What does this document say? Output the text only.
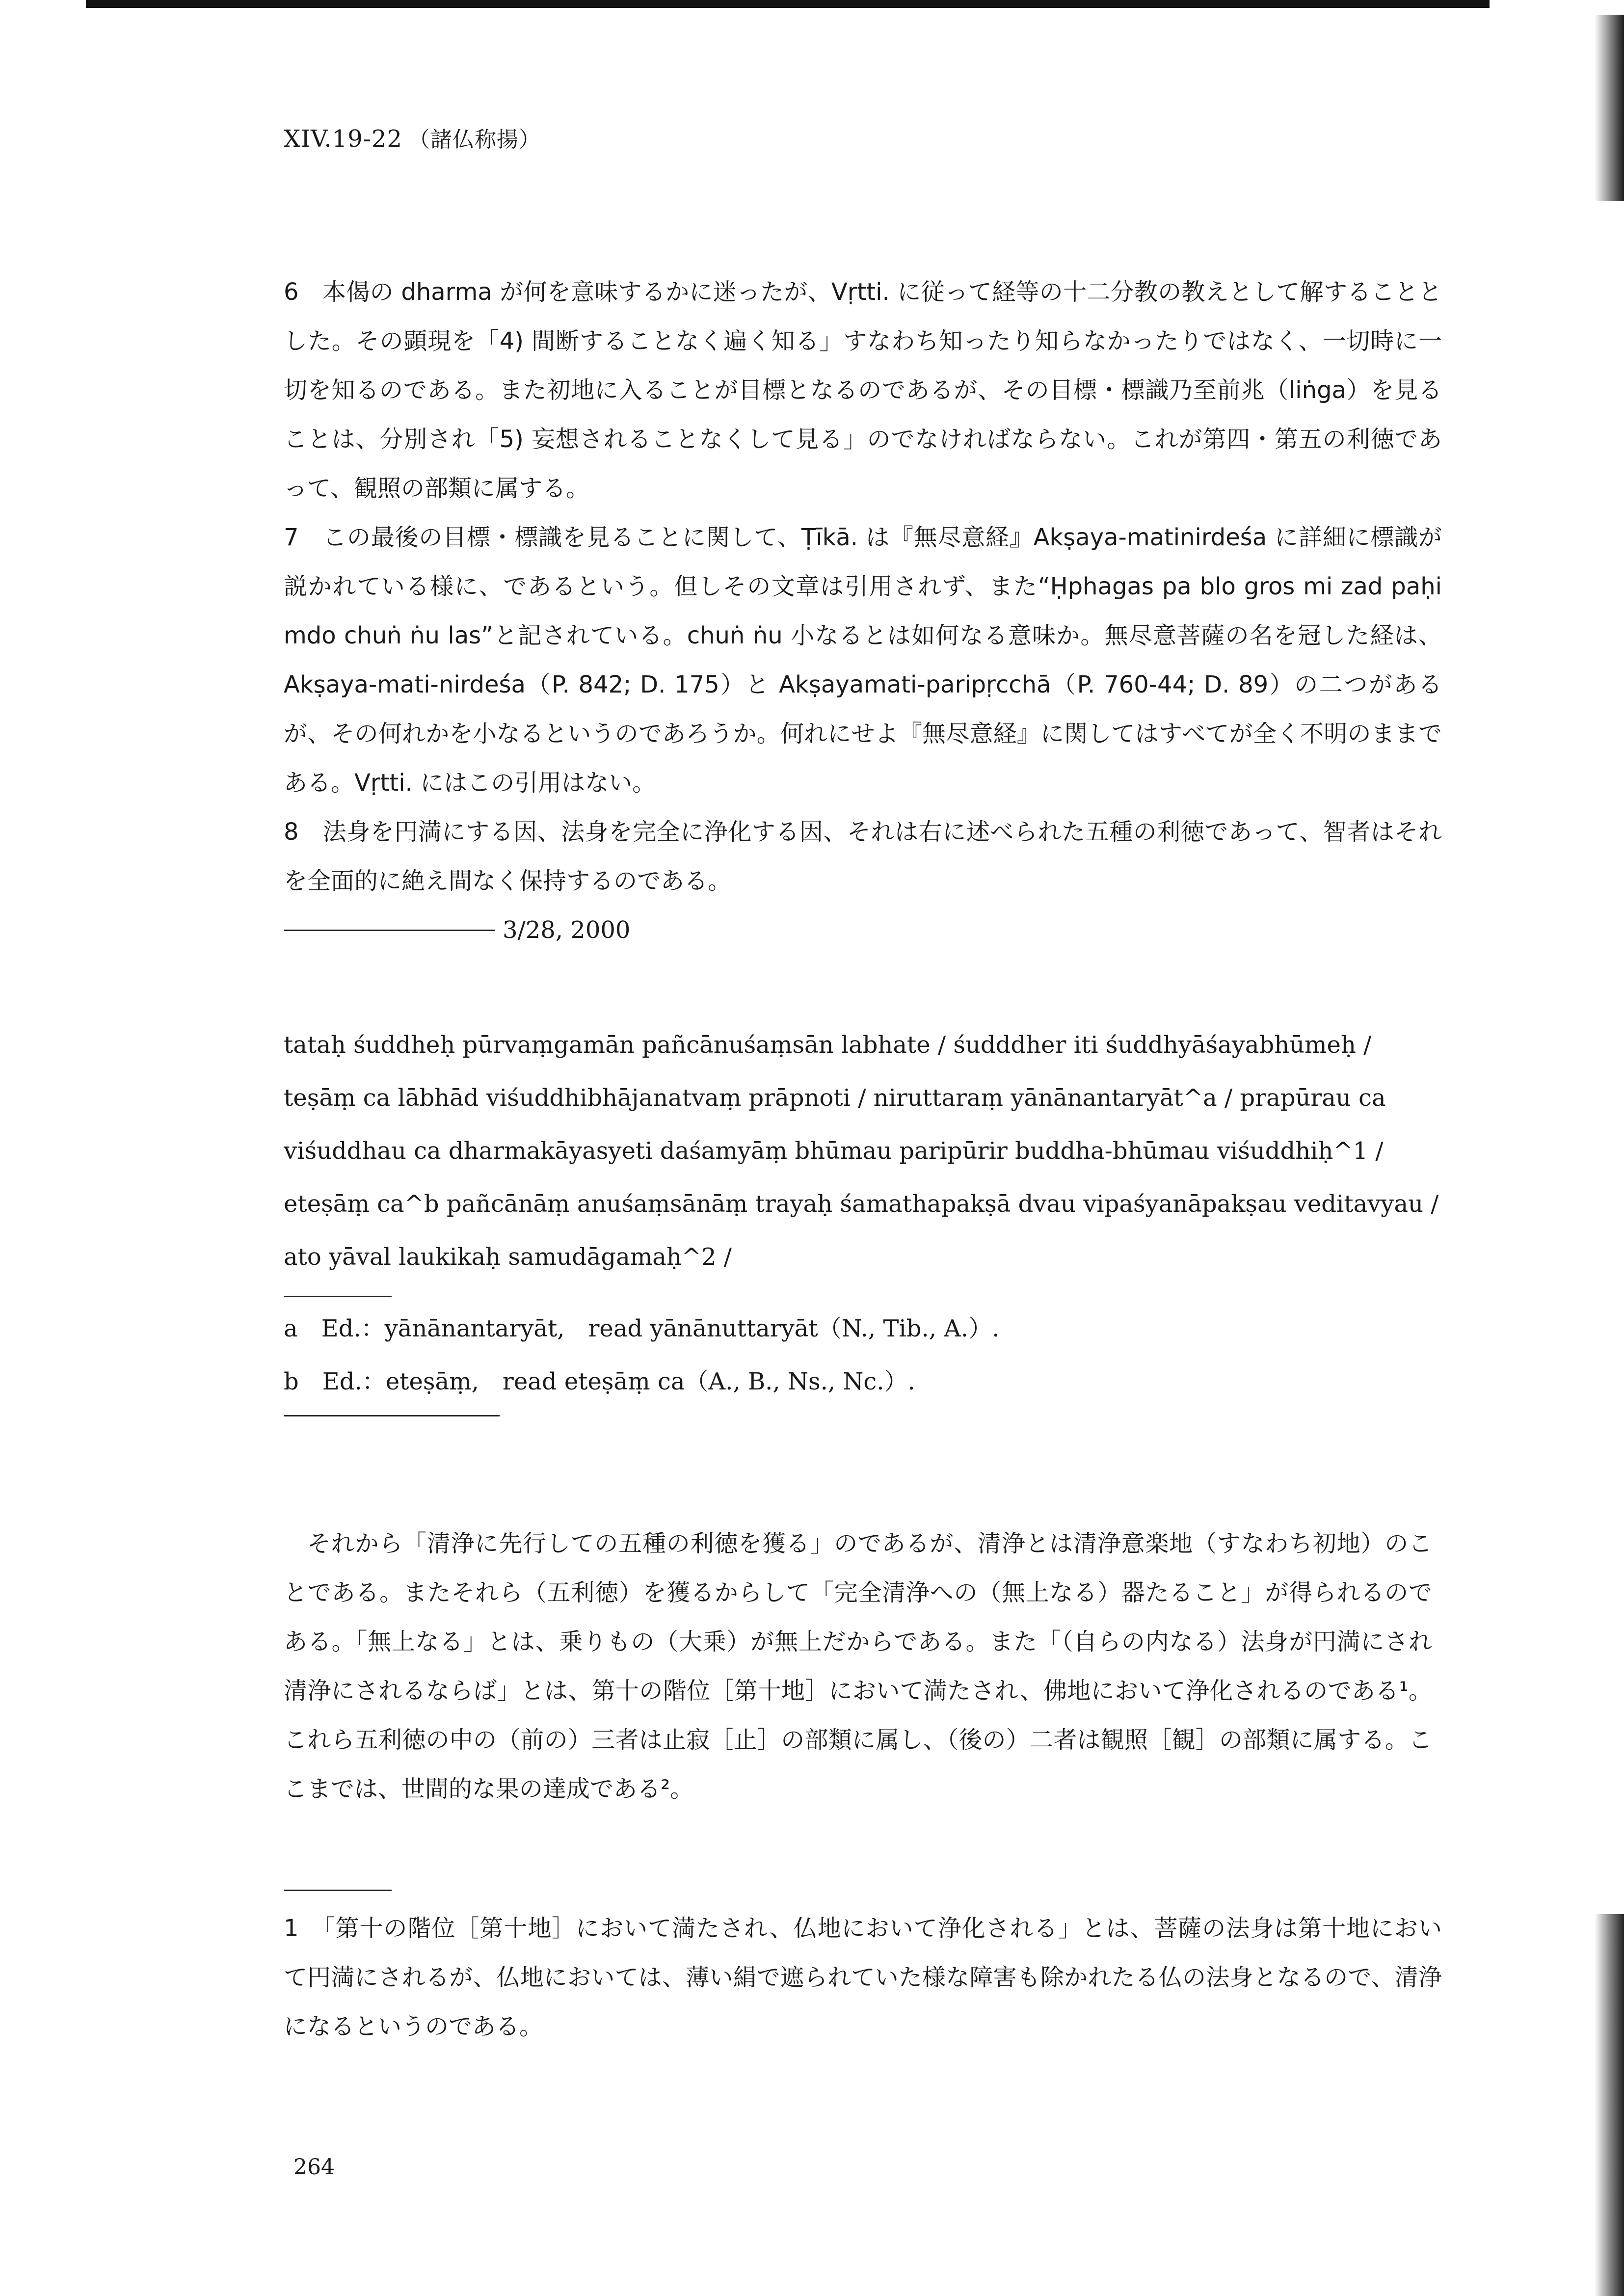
XIV.19-22 （諸仏称揚）

6　本偈の dharma が何を意味するかに迷ったが、Vṛtti. に従って経等の十二分教の教えとして解することとした。その顕現を「4) 間断することなく遍く知る」すなわち知ったり知らなかったりではなく、一切時に一切を知るのである。また初地に入ることが目標となるのであるが、その目標・標識乃至前兆（liṅga）を見ることは、分別され「5) 妄想されることなくして見る」のでなければならない。これが第四・第五の利徳であって、観照の部類に属する。

7　この最後の目標・標識を見ることに関して、Ṭīkā. は『無尽意経』Akṣaya-matinirdeśa に詳細に標識が説かれている様に、であるという。但しその文章は引用されず、また“Ḥphagas pa blo gros mi zad paḥi mdo chuṅ ṅu las”と記されている。chuṅ ṅu 小なるとは如何なる意味か。無尽意菩薩の名を冠した経は、Akṣaya-mati-nirdeśa（P. 842; D. 175）と Akṣayamati-paripṛcchā（P. 760-44; D. 89）の二つがあるが、その何れかを小なるというのであろうか。何れにせよ『無尽意経』に関してはすべてが全く不明のままである。Vṛtti. にはこの引用はない。

8　法身を円満にする因、法身を完全に浄化する因、それは右に述べられた五種の利徳であって、智者はそれを全面的に絶え間なく保持するのである。

3/28, 2000

tataḥ śuddheḥ pūrvaṃgamān pañcānuśaṃsān labhate / śudddher iti śuddhyāśayabhūmeḥ / teṣāṃ ca lābhād viśuddhibhājanatvaṃ prāpnoti / niruttaraṃ yānānantaryāt^a / prapūrau ca viśuddhau ca dharmakāyasyeti daśamyāṃ bhūmau paripūrir buddha-bhūmau viśuddhiḥ^1 / eteṣāṃ ca^b pañcānāṃ anuśaṃsānāṃ trayaḥ śamathapakṣā dvau vipaśyanāpakṣau veditavyau / ato yāval laukikaḥ samudāgamaḥ^2 /

a　Ed.：yānānantaryāt,　read yānānuttaryāt（N., Tib., A.）.

b　Ed.：eteṣāṃ,　read eteṣāṃ ca（A., B., Ns., Nc.）.

それから「清浄に先行しての五種の利徳を獲る」のであるが、清浄とは清浄意楽地（すなわち初地）のことである。またそれら（五利徳）を獲るからして「完全清浄への（無上なる）器たること」が得られるのである。「無上なる」とは、乗りもの（大乗）が無上だからである。また「（自らの内なる）法身が円満にされ清浄にされるならば」とは、第十の階位［第十地］において満たされ、佛地において浄化されるのである¹。これら五利徳の中の（前の）三者は止寂［止］の部類に属し、（後の）二者は観照［観］の部類に属する。ここまでは、世間的な果の達成である²。

1　「第十の階位［第十地］において満たされ、仏地において浄化される」とは、菩薩の法身は第十地において円満にされるが、仏地においては、薄い絹で遮られていた様な障害も除かれたる仏の法身となるので、清浄になるというのである。

264
